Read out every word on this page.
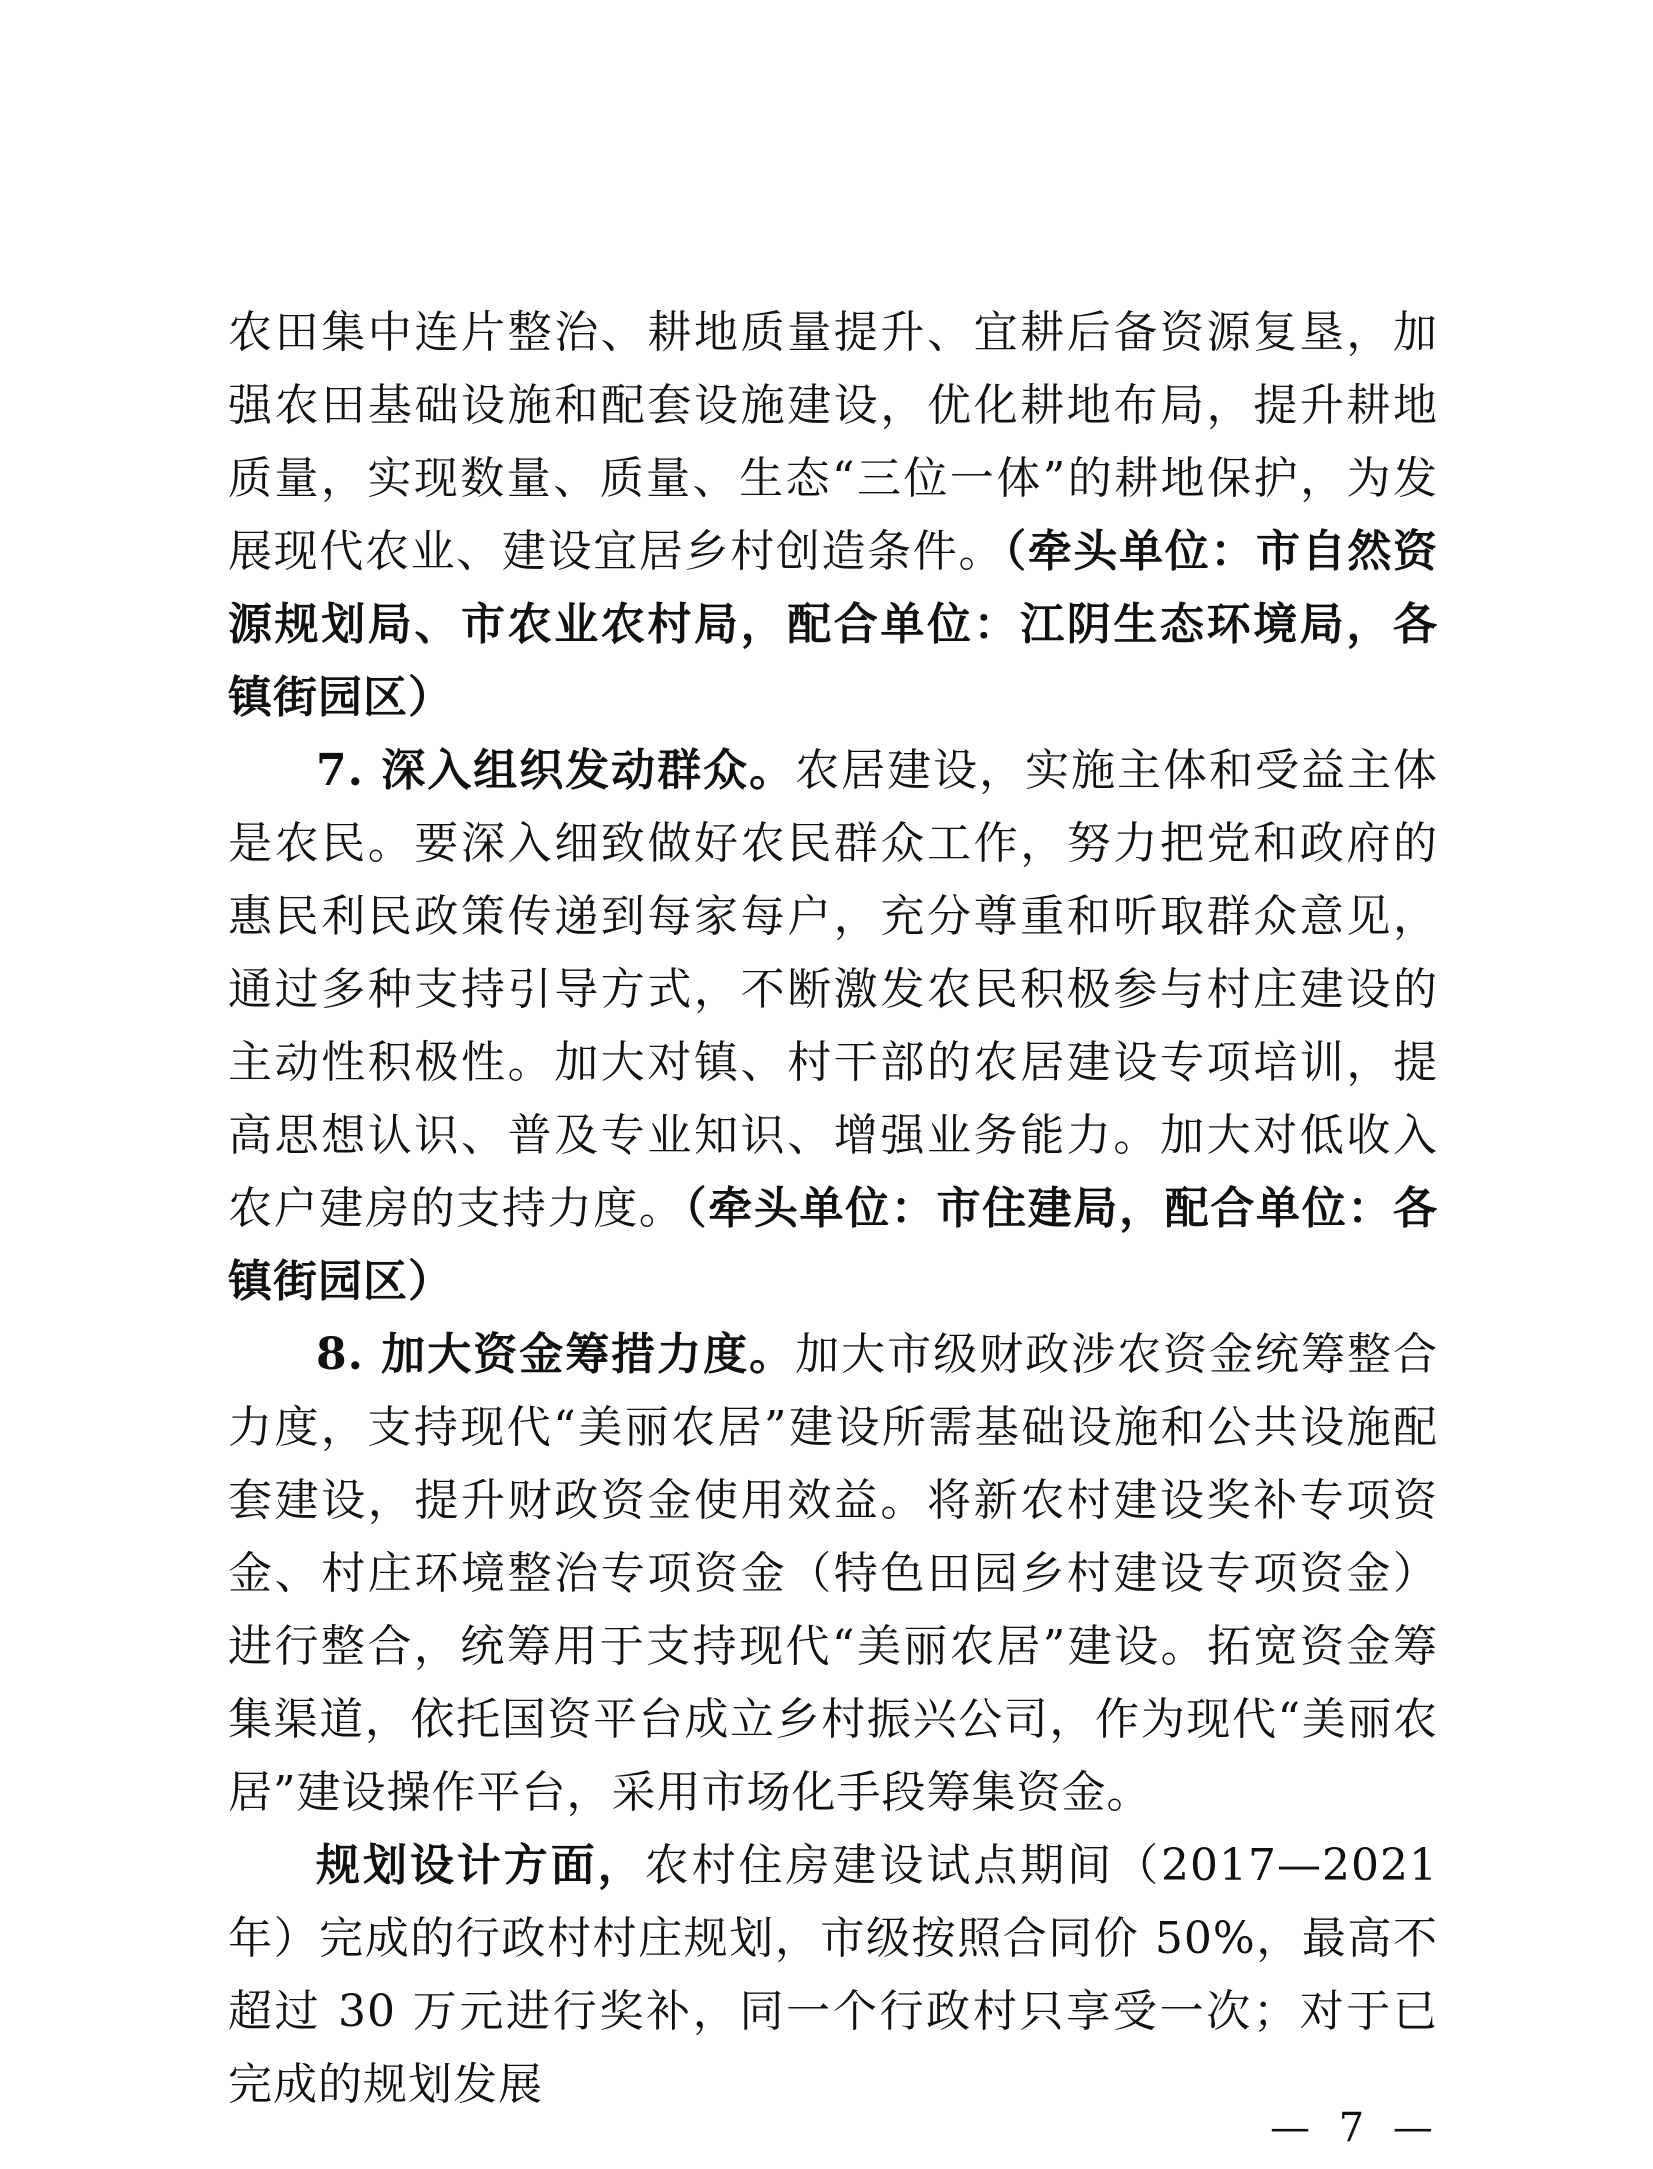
农田集中连片整治、耕地质量提升、宜耕后备资源复垦，加强农田基础设施和配套设施建设，优化耕地布局，提升耕地质量，实现数量、质量、生态“三位一体”的耕地保护，为发展现代农业、建设宜居乡村创造条件。（牵头单位：市自然资源规划局、市农业农村局，配合单位：江阴生态环境局，各镇街园区）

7. 深入组织发动群众。农居建设，实施主体和受益主体是农民。要深入细致做好农民群众工作，努力把党和政府的惠民利民政策传递到每家每户，充分尊重和听取群众意见，通过多种支持引导方式，不断激发农民积极参与村庄建设的主动性积极性。加大对镇、村干部的农居建设专项培训，提高思想认识、普及专业知识、增强业务能力。加大对低收入农户建房的支持力度。（牵头单位：市住建局，配合单位：各镇街园区）

8. 加大资金筹措力度。加大市级财政涉农资金统筹整合力度，支持现代“美丽农居”建设所需基础设施和公共设施配套建设，提升财政资金使用效益。将新农村建设奖补专项资金、村庄环境整治专项资金（特色田园乡村建设专项资金）进行整合，统筹用于支持现代“美丽农居”建设。拓宽资金筹集渠道，依托国资平台成立乡村振兴公司，作为现代“美丽农居”建设操作平台，采用市场化手段筹集资金。

规划设计方面，农村住房建设试点期间（2017—2021 年）完成的行政村村庄规划，市级按照合同价 50%，最高不超过 30 万元进行奖补，同一个行政村只享受一次；对于已完成的规划发展

— 7 —
